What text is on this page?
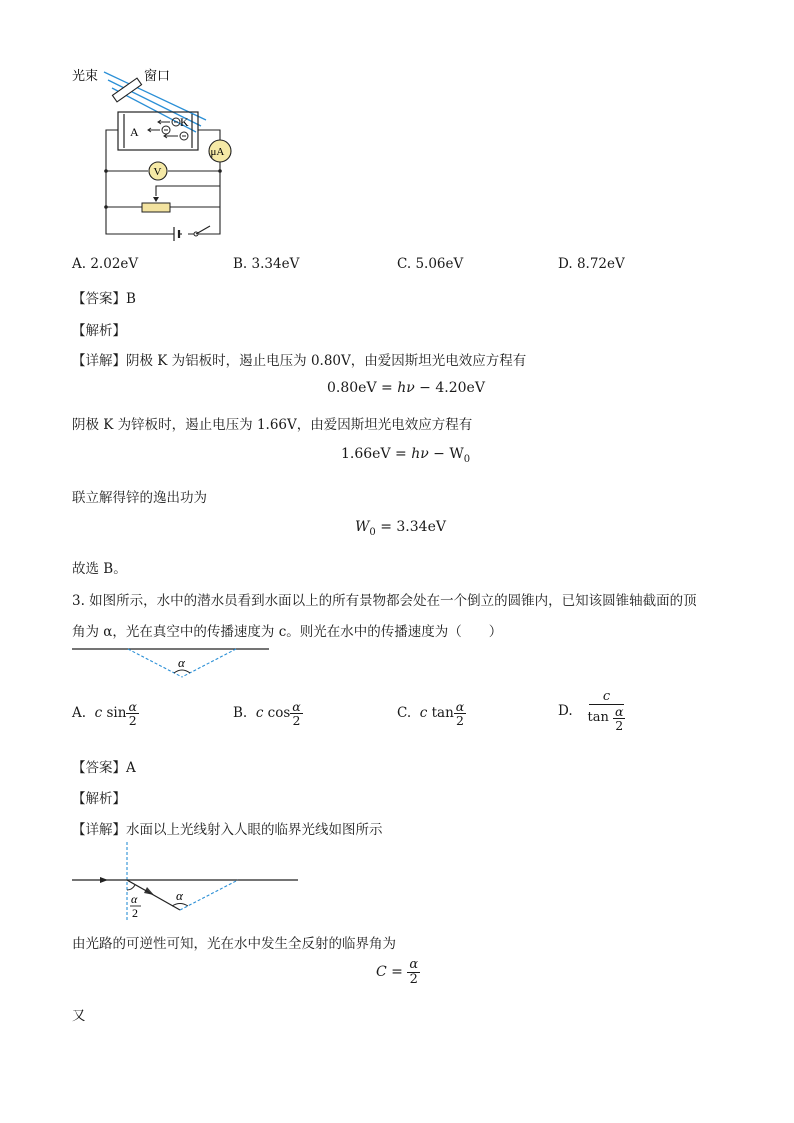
光束	窗口
A
K
μA
V
A. 2.02eV	B. 3.34eV	C. 5.06eV	D. 8.72eV
【答案】B
【解析】
【详解】阴极 K 为铝板时，遏止电压为 0.80V，由爱因斯坦光电效应方程有
0.80eV = hν − 4.20eV
阴极 K 为锌板时，遏止电压为 1.66V，由爱因斯坦光电效应方程有
$1.66eV = h\nu - W_0$
联立解得锌的逸出功为
$W_0 = 3.34eV$
故选 B。
3. 如图所示，水中的潜水员看到水面以上的所有景物都会处在一个倒立的圆锥内，已知该圆锥轴截面的顶
角为 α，光在真空中的传播速度为 c。则光在水中的传播速度为（　　）
α
A. c $\sin \frac{\alpha}{2}$	B. c $\cos \frac{\alpha}{2}$	C. c $\tan \frac{\alpha}{2}$	D. c
tan
$\frac{\alpha}{2}$
【答案】A
【解析】
【详解】水面以上光线射入人眼的临界光线如图所示
α
α
2
由光路的可逆性可知，光在水中发生全反射的临界角为
$C = \frac{\alpha}{2}$
又
